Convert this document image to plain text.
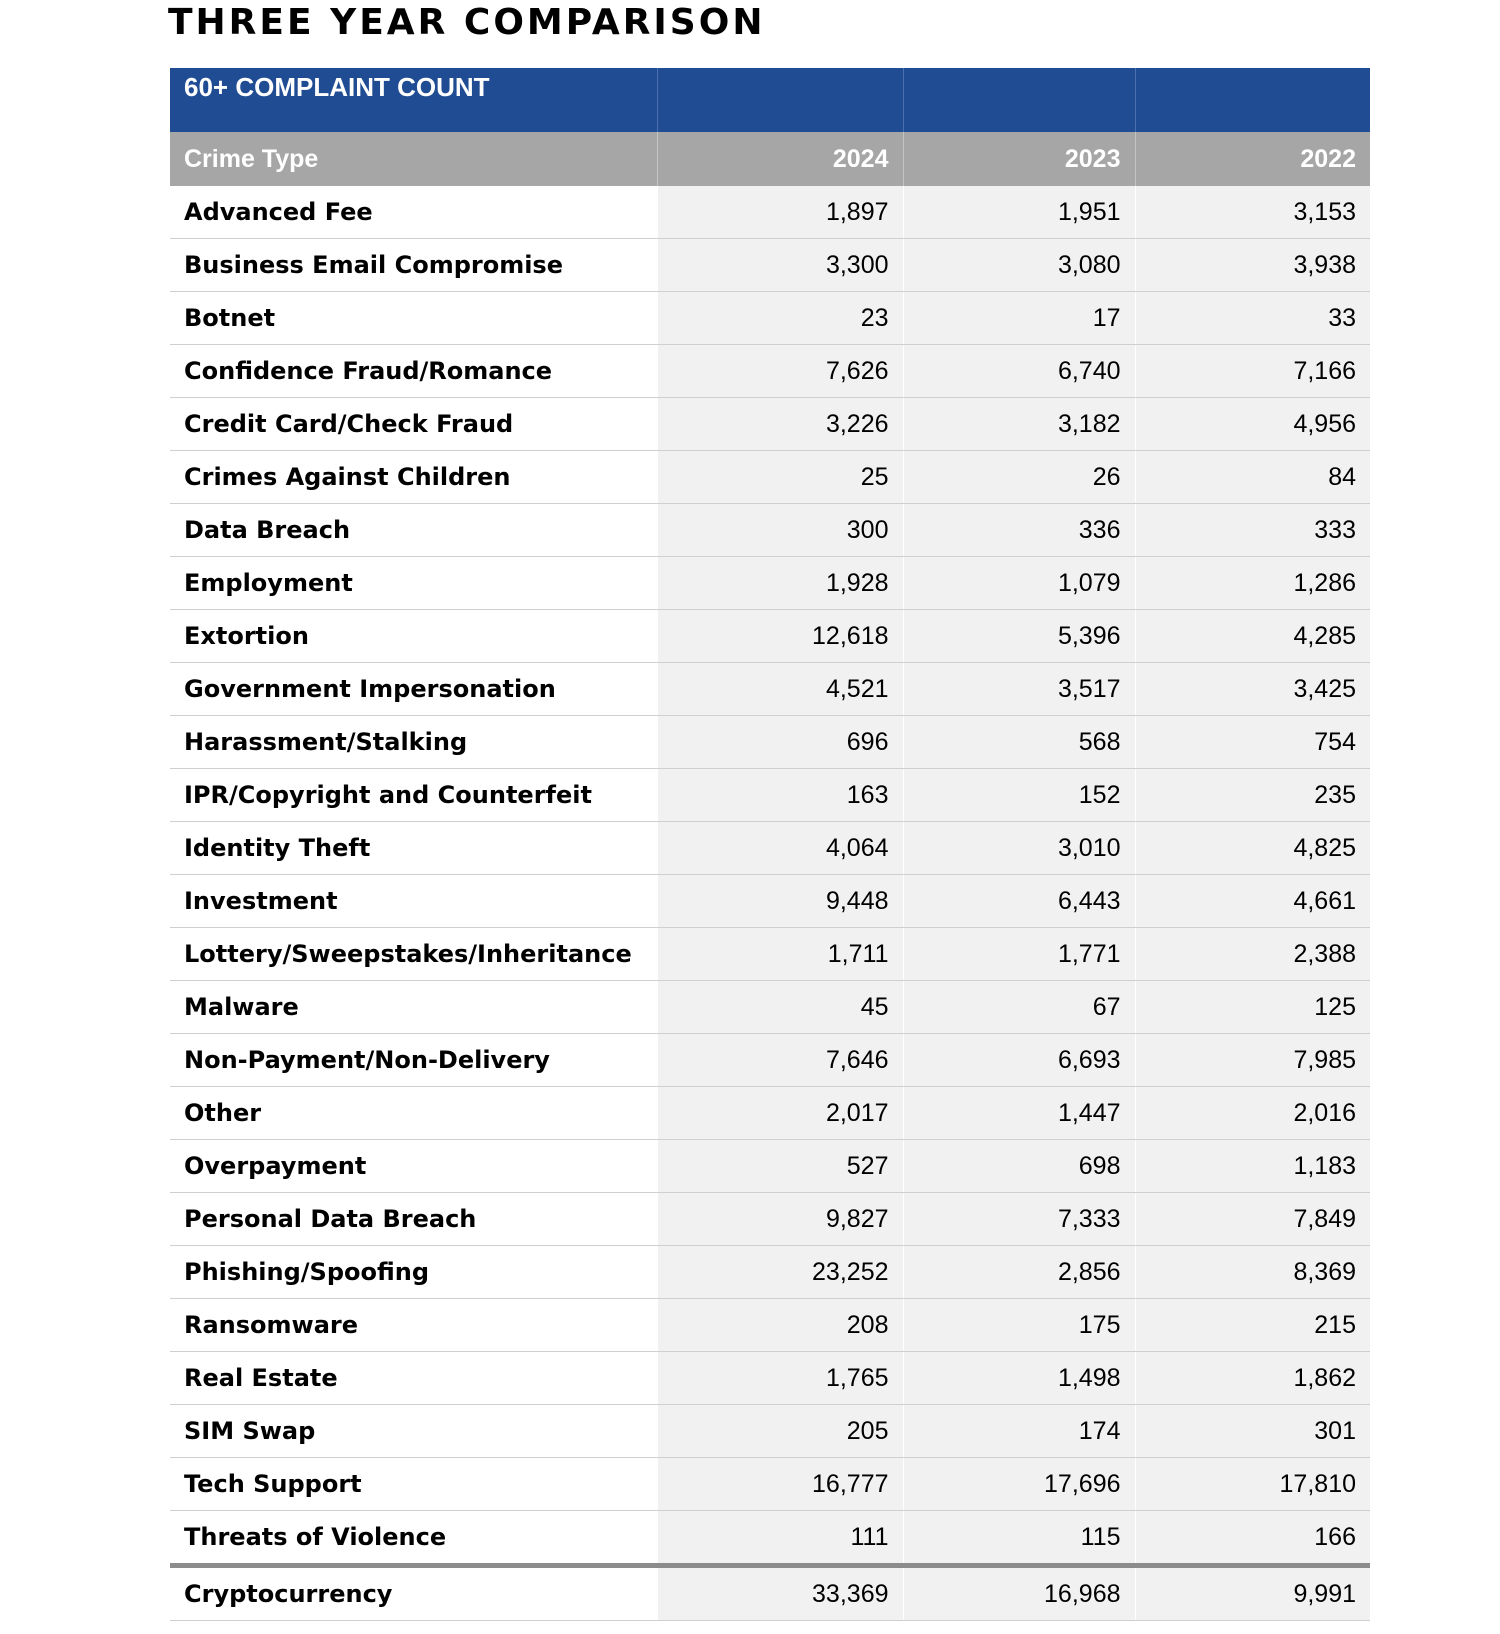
THREE YEAR COMPARISON
60+ COMPLAINT COUNT			
Crime Type	2024	2023	2022
Advanced Fee	1,897	1,951	3,153
Business Email Compromise	3,300	3,080	3,938
Botnet	23	17	33
Confidence Fraud/Romance	7,626	6,740	7,166
Credit Card/Check Fraud	3,226	3,182	4,956
Crimes Against Children	25	26	84
Data Breach	300	336	333
Employment	1,928	1,079	1,286
Extortion	12,618	5,396	4,285
Government Impersonation	4,521	3,517	3,425
Harassment/Stalking	696	568	754
IPR/Copyright and Counterfeit	163	152	235
Identity Theft	4,064	3,010	4,825
Investment	9,448	6,443	4,661
Lottery/Sweepstakes/Inheritance	1,711	1,771	2,388
Malware	45	67	125
Non-Payment/Non-Delivery	7,646	6,693	7,985
Other	2,017	1,447	2,016
Overpayment	527	698	1,183
Personal Data Breach	9,827	7,333	7,849
Phishing/Spoofing	23,252	2,856	8,369
Ransomware	208	175	215
Real Estate	1,765	1,498	1,862
SIM Swap	205	174	301
Tech Support	16,777	17,696	17,810
Threats of Violence	111	115	166
Cryptocurrency	33,369	16,968	9,991
